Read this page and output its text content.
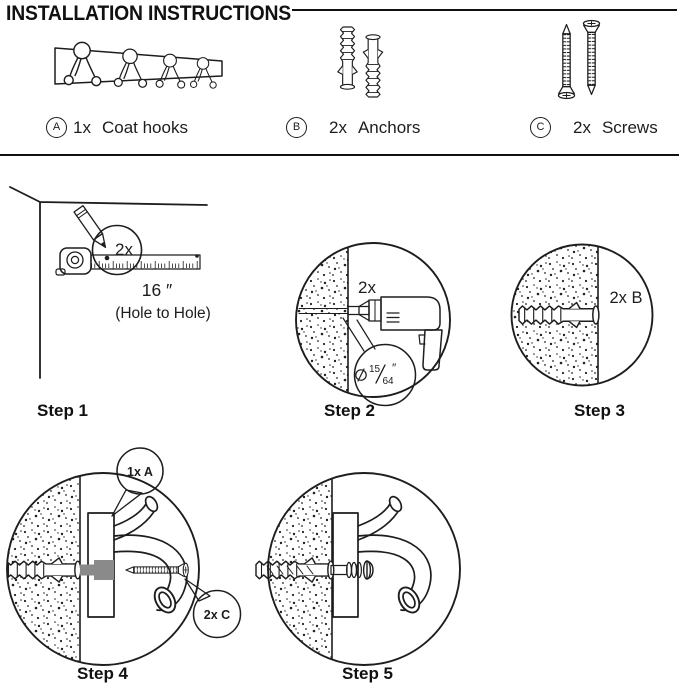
INSTALLATION INSTRUCTIONS
A 1x Coat hooks	B	2x Anchors	C	2x Screws
2x
16 ″
(Hole to Hole)
Step 1
2x
15
64
″
Step 2
2x B
Step 3
1x A
2x C
Step 4	Step 5
